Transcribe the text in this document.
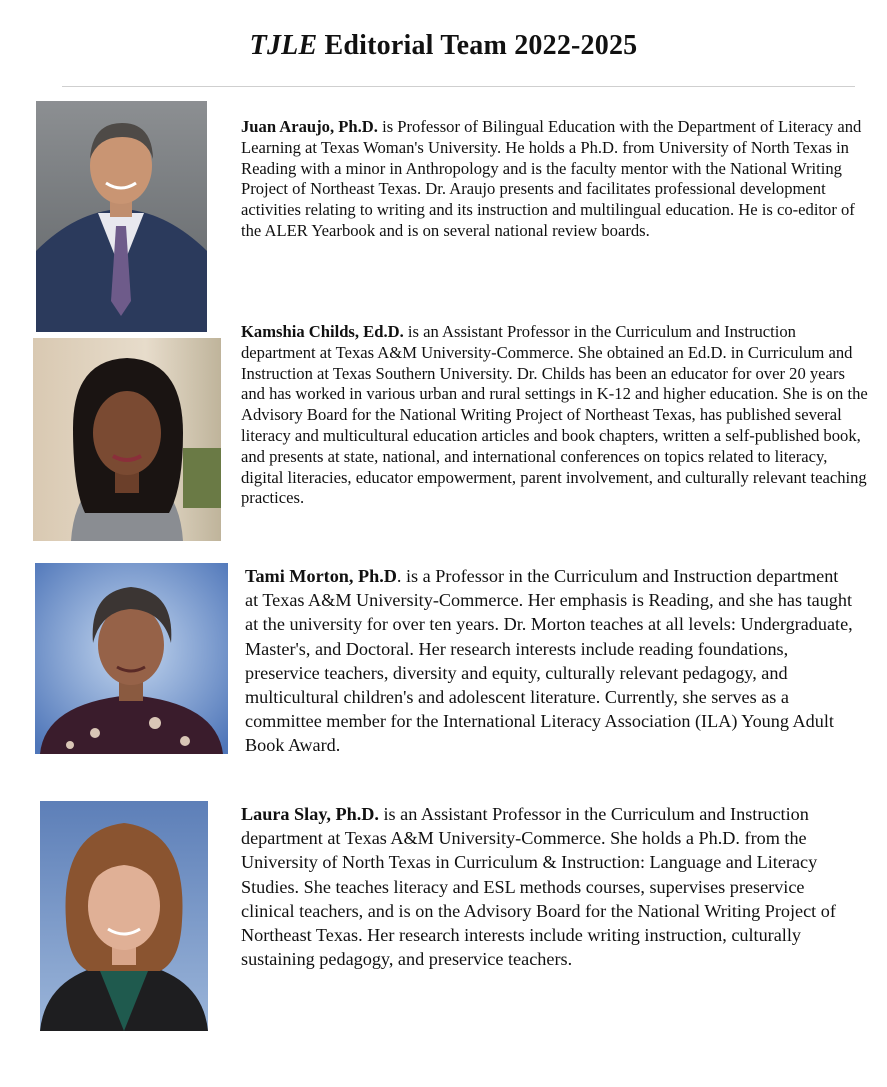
TJLE Editorial Team 2022-2025

Juan Araujo, Ph.D. is Professor of Bilingual Education with the Department of Literacy and Learning at Texas Woman's University. He holds a Ph.D. from University of North Texas in Reading with a minor in Anthropology and is the faculty mentor with the National Writing Project of Northeast Texas. Dr. Araujo presents and facilitates professional development activities relating to writing and its instruction and multilingual education. He is co-editor of the ALER Yearbook and is on several national review boards.

Kamshia Childs, Ed.D. is an Assistant Professor in the Curriculum and Instruction department at Texas A&M University-Commerce. She obtained an Ed.D. in Curriculum and Instruction at Texas Southern University. Dr. Childs has been an educator for over 20 years and has worked in various urban and rural settings in K-12 and higher education. She is on the Advisory Board for the National Writing Project of Northeast Texas, has published several literacy and multicultural education articles and book chapters, written a self-published book, and presents at state, national, and international conferences on topics related to literacy, digital literacies, educator empowerment, parent involvement, and culturally relevant teaching practices.

Tami Morton, Ph.D. is a Professor in the Curriculum and Instruction department at Texas A&M University-Commerce. Her emphasis is Reading, and she has taught at the university for over ten years. Dr. Morton teaches at all levels: Undergraduate, Master's, and Doctoral. Her research interests include reading foundations, preservice teachers, diversity and equity, culturally relevant pedagogy, and multicultural children's and adolescent literature. Currently, she serves as a committee member for the International Literacy Association (ILA) Young Adult Book Award.

Laura Slay, Ph.D. is an Assistant Professor in the Curriculum and Instruction department at Texas A&M University-Commerce. She holds a Ph.D. from the University of North Texas in Curriculum & Instruction: Language and Literacy Studies. She teaches literacy and ESL methods courses, supervises preservice clinical teachers, and is on the Advisory Board for the National Writing Project of Northeast Texas. Her research interests include writing instruction, culturally sustaining pedagogy, and preservice teachers.
